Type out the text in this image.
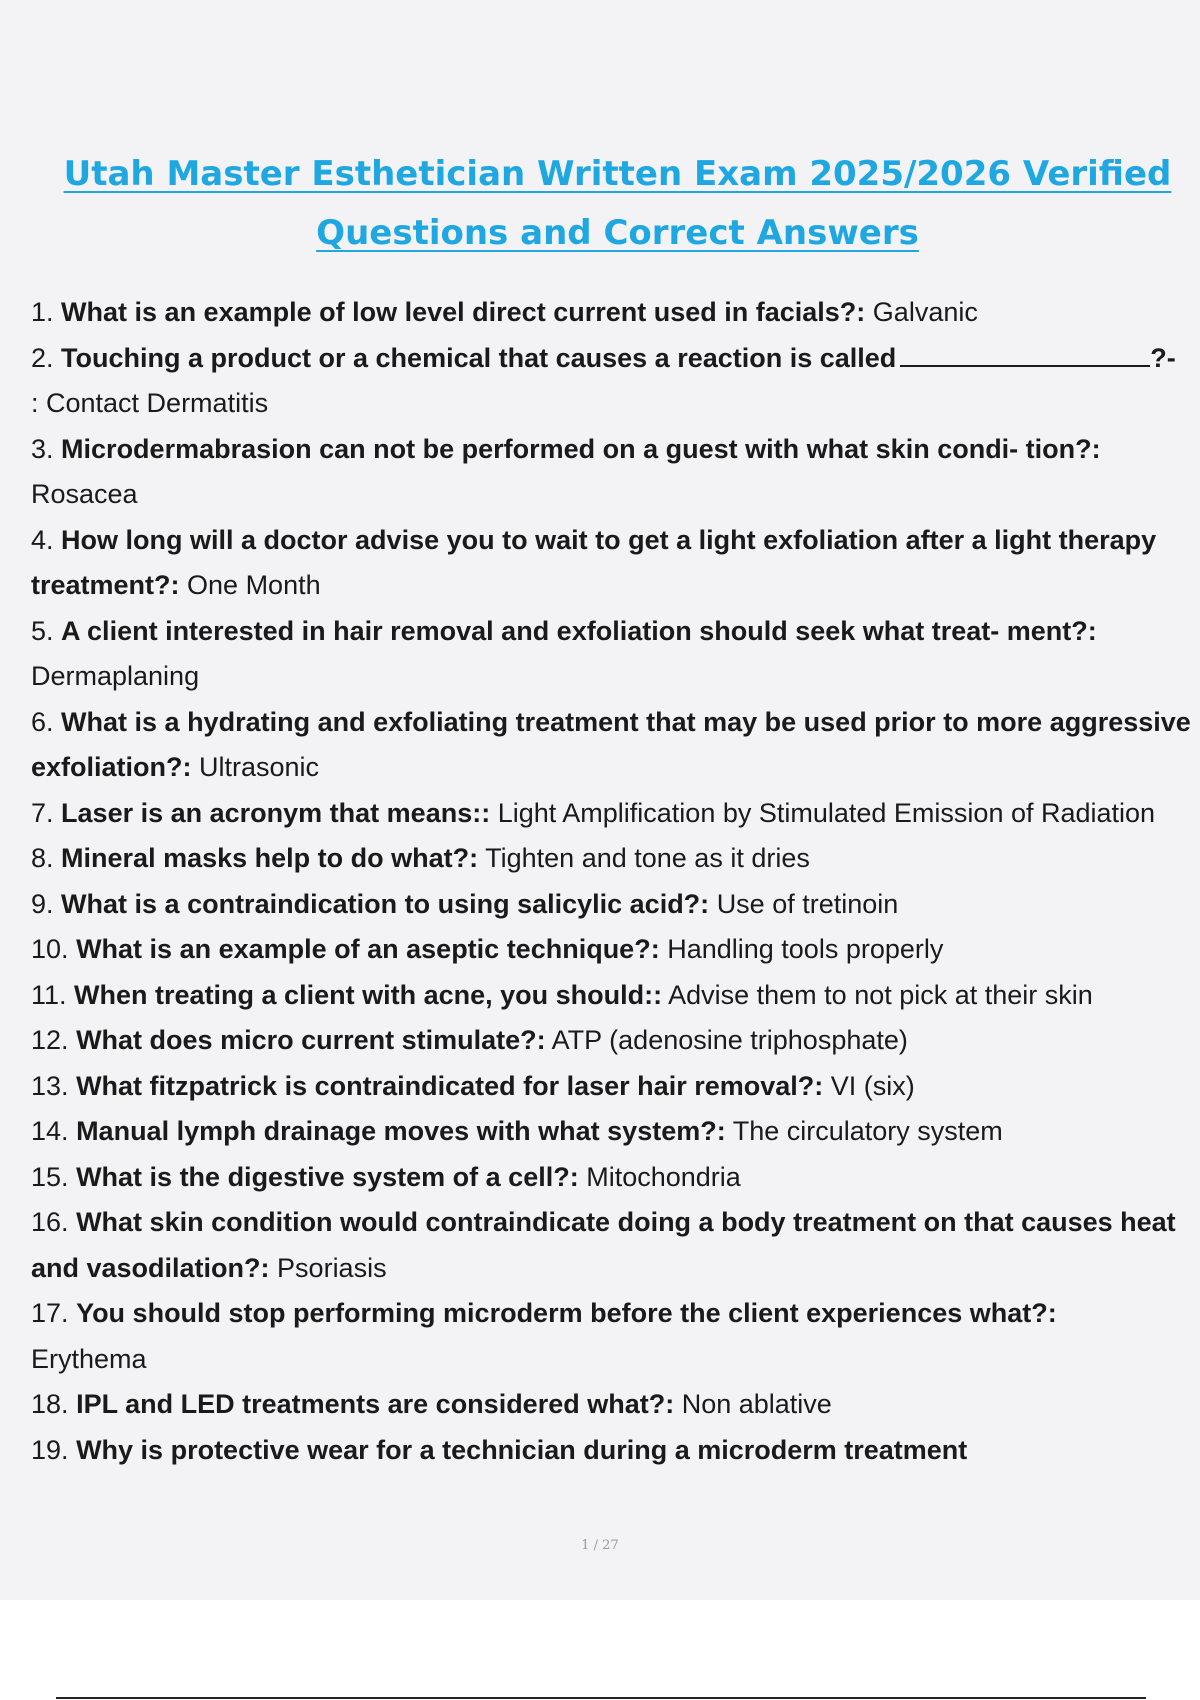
Utah Master Esthetician Written Exam 2025/2026 Verified
Questions and Correct Answers

1. What is an example of low level direct current used in facials?: Galvanic

2. Touching a product or a chemical that causes a reaction is called	?-
: Contact Dermatitis

3. Microdermabrasion can not be performed on a guest with what skin condi- tion?:
Rosacea

4. How long will a doctor advise you to wait to get a light exfoliation after a light therapy treatment?: One Month

5. A client interested in hair removal and exfoliation should seek what treat- ment?:
Dermaplaning

6. What is a hydrating and exfoliating treatment that may be used prior to more aggressive exfoliation?: Ultrasonic

7. Laser is an acronym that means:: Light Amplification by Stimulated Emission of Radiation

8. Mineral masks help to do what?: Tighten and tone as it dries

9. What is a contraindication to using salicylic acid?: Use of tretinoin

10. What is an example of an aseptic technique?: Handling tools properly

11. When treating a client with acne, you should:: Advise them to not pick at their skin

12. What does micro current stimulate?: ATP (adenosine triphosphate)

13. What fitzpatrick is contraindicated for laser hair removal?: VI (six)

14. Manual lymph drainage moves with what system?: The circulatory system

15. What is the digestive system of a cell?: Mitochondria

16. What skin condition would contraindicate doing a body treatment on that causes heat and vasodilation?: Psoriasis

17. You should stop performing microderm before the client experiences what?:
Erythema

18. IPL and LED treatments are considered what?: Non ablative

19. Why is protective wear for a technician during a microderm treatment

1 / 27
